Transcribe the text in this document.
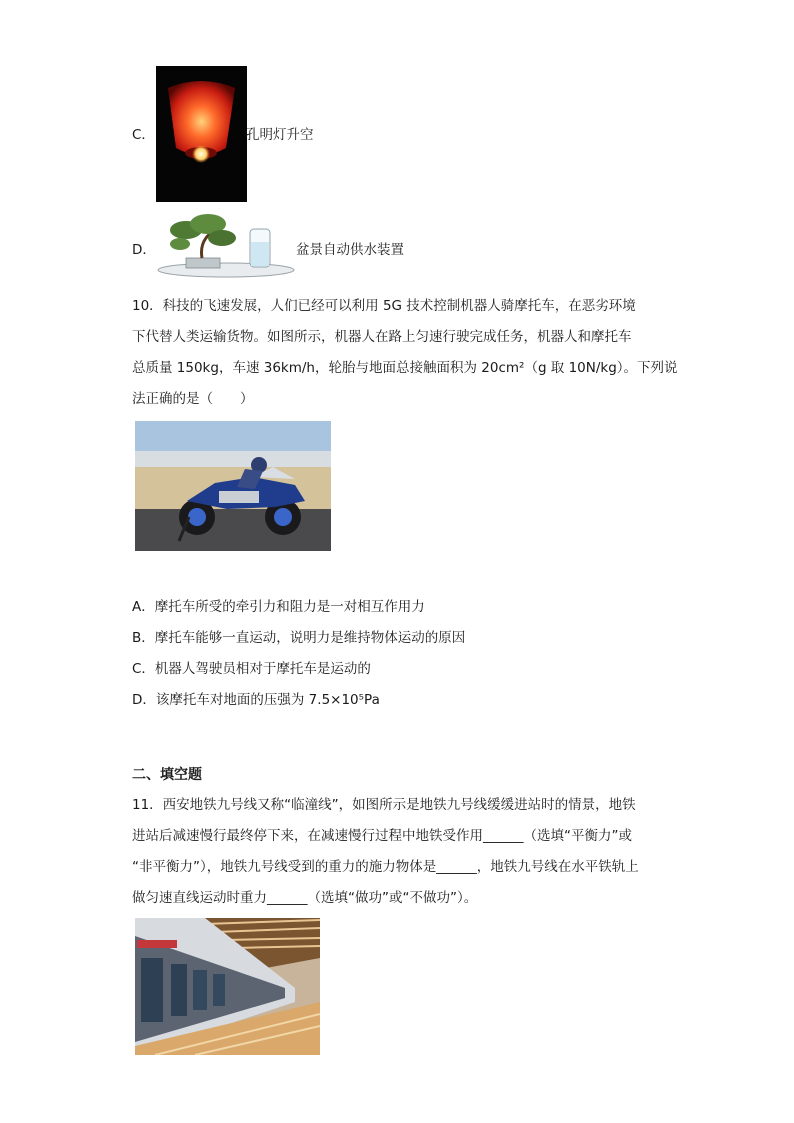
C．	孔明灯升空
D．	盆景自动供水装置
10．科技的飞速发展，人们已经可以利用 5G 技术控制机器人骑摩托车，在恶劣环境
下代替人类运输货物。如图所示，机器人在路上匀速行驶完成任务，机器人和摩托车
总质量 150kg，车速 36km/h，轮胎与地面总接触面积为 20cm²（g 取 10N/kg）。下列说
法正确的是（　　）
A．摩托车所受的牵引力和阻力是一对相互作用力
B．摩托车能够一直运动，说明力是维持物体运动的原因
C．机器人驾驶员相对于摩托车是运动的
D．该摩托车对地面的压强为 7.5×10⁵Pa
二、填空题
11．西安地铁九号线又称“临潼线”，如图所示是地铁九号线缓缓进站时的情景，地铁
进站后减速慢行最终停下来，在减速慢行过程中地铁受作用______（选填“平衡力”或
“非平衡力”），地铁九号线受到的重力的施力物体是______，地铁九号线在水平铁轨上
做匀速直线运动时重力______（选填“做功”或“不做功”）。
